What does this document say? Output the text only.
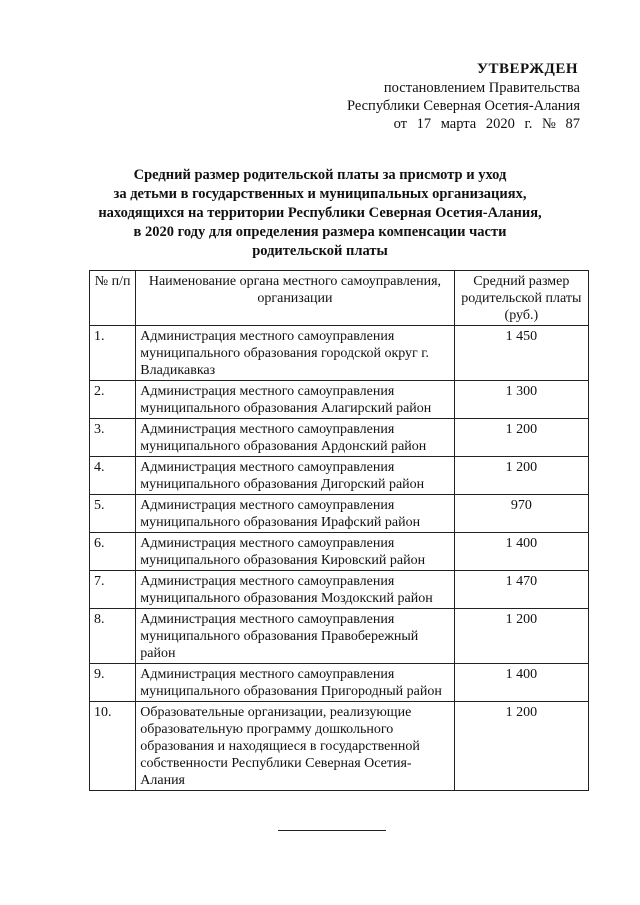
УТВЕРЖДЕН
постановлением Правительства
Республики Северная Осетия-Алания
от 17 марта 2020 г. № 87
Средний размер родительской платы за присмотр и уход
за детьми в государственных и муниципальных организациях,
находящихся на территории Республики Северная Осетия-Алания,
в 2020 году для определения размера компенсации части
родительской платы
№ п/п	Наименование органа местного самоуправления, организации	Средний размер родительской платы (руб.)
1.	Администрация местного самоуправления муниципального образования городской округ г. Владикавказ	1 450
2.	Администрация местного самоуправления муниципального образования Алагирский район	1 300
3.	Администрация местного самоуправления муниципального образования Ардонский район	1 200
4.	Администрация местного самоуправления муниципального образования Дигорский район	1 200
5.	Администрация местного самоуправления муниципального образования Ирафский район	970
6.	Администрация местного самоуправления муниципального образования Кировский район	1 400
7.	Администрация местного самоуправления муниципального образования Моздокский район	1 470
8.	Администрация местного самоуправления муниципального образования Правобережный район	1 200
9.	Администрация местного самоуправления муниципального образования Пригородный район	1 400
10.	Образовательные организации, реализующие образовательную программу дошкольного образования и находящиеся в государственной собственности Республики Северная Осетия-Алания	1 200
